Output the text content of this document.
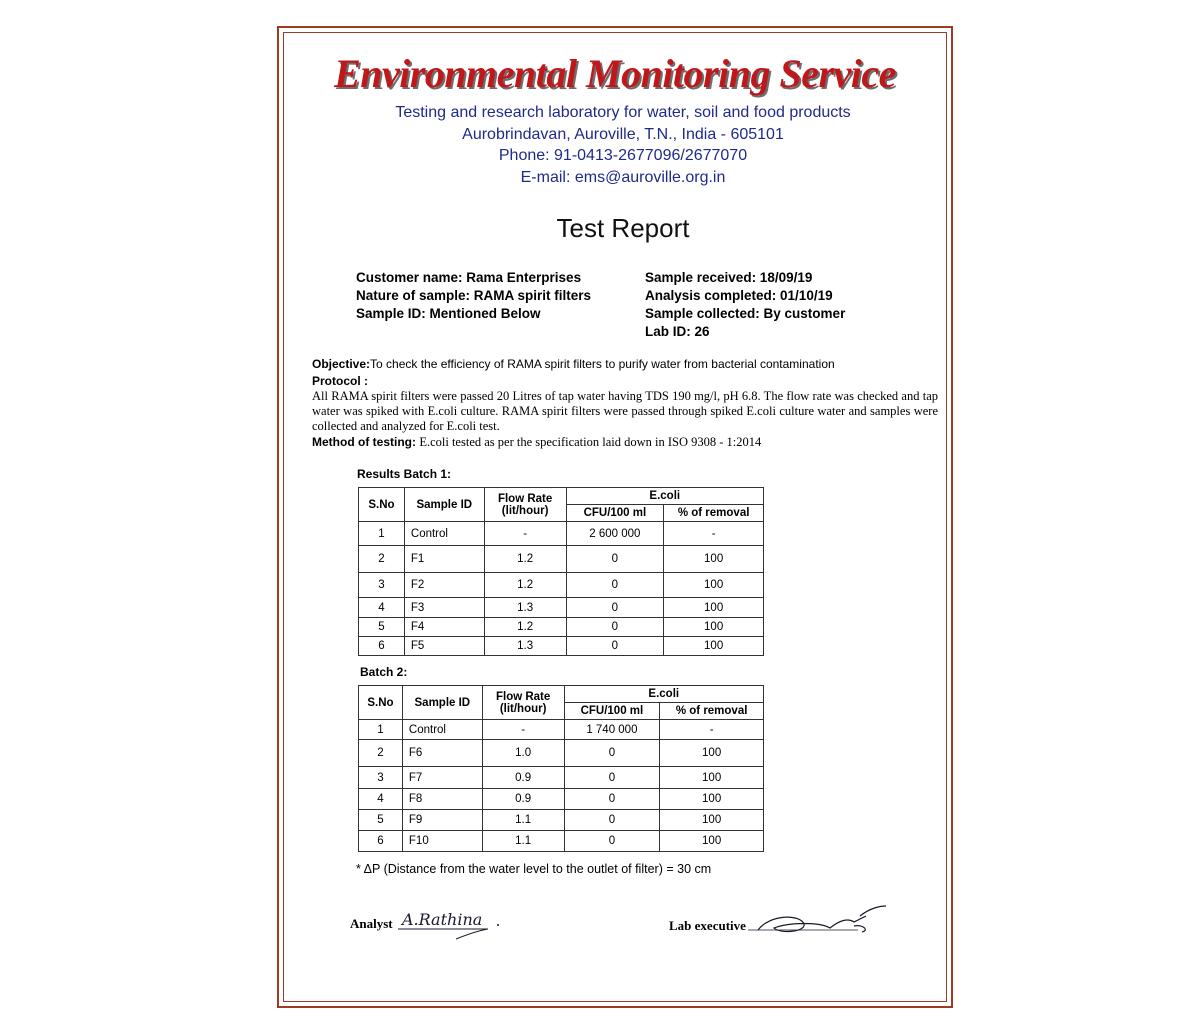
Environmental Monitoring Service
Testing and research laboratory for water, soil and food products
Aurobrindavan, Auroville, T.N., India - 605101
Phone: 91-0413-2677096/2677070
E-mail: ems@auroville.org.in
Test Report
Customer name: Rama Enterprises
Nature of sample: RAMA spirit filters
Sample ID: Mentioned Below
Sample received: 18/09/19
Analysis completed: 01/10/19
Sample collected: By customer
Lab ID: 26
Objective:To check the efficiency of RAMA spirit filters to purify water from bacterial contamination
Protocol :
All RAMA spirit filters were passed 20 Litres of tap water having TDS 190 mg/l, pH 6.8. The flow rate was checked and tap water was spiked with E.coli culture. RAMA spirit filters were passed through spiked E.coli culture water and samples were collected and analyzed for E.coli test.
Method of testing: E.coli tested as per the specification laid down in ISO 9308 - 1:2014
Results Batch 1:
S.No	Sample ID	Flow Rate
(lit/hour)	E.coli	
			CFU/100 ml	% of removal
1	Control	-	2 600 000	-
2	F1	1.2	0	100
3	F2	1.2	0	100
4	F3	1.3	0	100
5	F4	1.2	0	100
6	F5	1.3	0	100
Batch 2:
S.No	Sample ID	Flow Rate
(lit/hour)	E.coli	
			CFU/100 ml	% of removal
1	Control	-	1 740 000	-
2	F6	1.0	0	100
3	F7	0.9	0	100
4	F8	0.9	0	100
5	F9	1.1	0	100
6	F10	1.1	0	100
* ΔP (Distance from the water level to the outlet of filter) = 30 cm
Analyst A.Rathina	Lab executive
